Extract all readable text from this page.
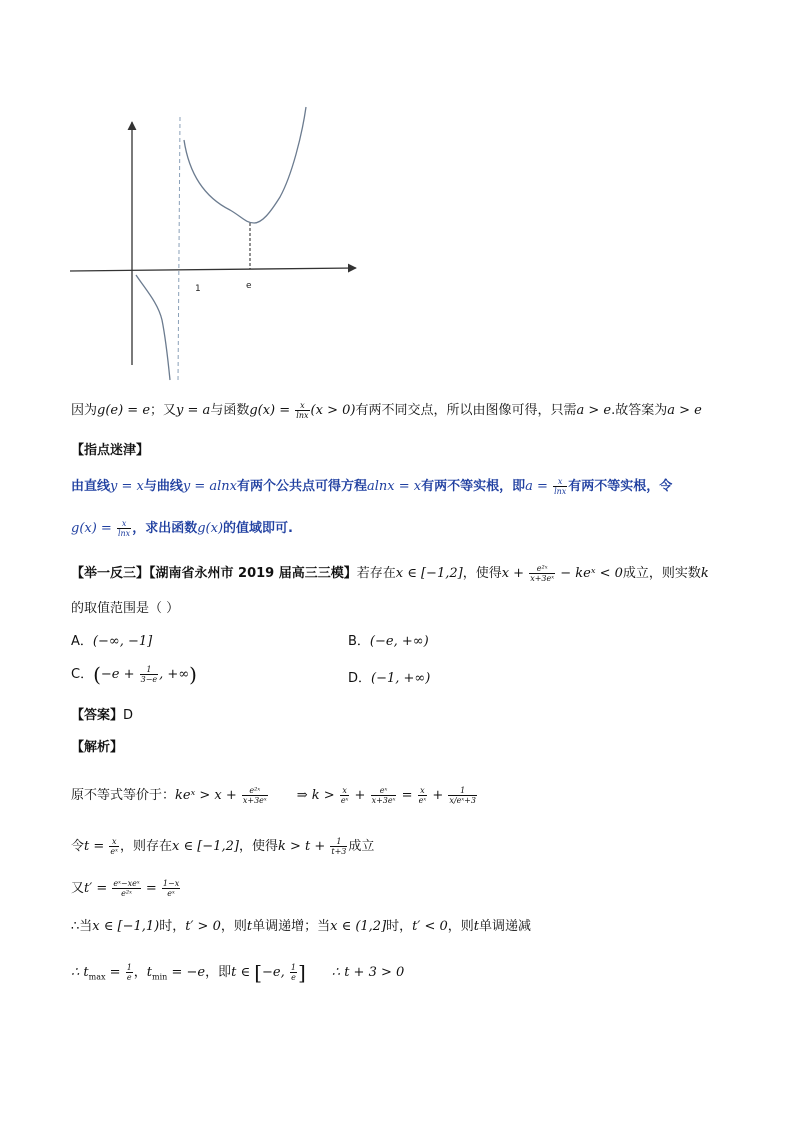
1	e
因为g(e) = e；又y = a与函数$g(x) = \frac{x}{\ln x} (x > 0)$有两不同交点，所以由图像可得，只需a > e.故答案为a > e
【指点迷津】
由直线y = x与曲线y = alnx有两个公共点可得方程alnx = x有两不等实根，即$a = \frac{x}{\ln x}$ 有两不等实根，令
$g(x) = \frac{x}{\ln x}$ ，求出函数g(x)的值域即可.
【举一反三】【湖南省永州市 2019 届高三三模】若存在x ∈ [−1,2]，使得$x + \frac{\text{e²ˣ}}{\text{x+3eˣ}}$ − keˣ < 0成立，则实数k
的取值范围是（ ）
A．(−∞, −1]	B．(−e, +∞)
C．($-e + \frac{1}{3-e}$ , +∞)	D．(−1, +∞)
【答案】D
【解析】
原不等式等价于：keˣ > $x + \frac{\text{e²ˣ}}{\text{x+3eˣ}}$ ⇒ $k > \frac{x}{\text{eˣ}} + \frac{\text{eˣ}}{\text{x+3eˣ}} = \frac{x}{\text{eˣ}} + \frac{1}{\text{x/eˣ+3}}$
令$t = \frac{x}{\text{eˣ}}$ ，则存在x ∈ [−1,2]，使得$k > t + \frac{1}{t+3}$ 成立
又$t' = \frac{\text{eˣ−xeˣ}}{\text{e²ˣ}} = \frac{1-x}{\text{eˣ}}$
∴当x ∈ [−1,1)时，t′ > 0，则t单调递增；当x ∈ (1,2]时，t′ < 0，则t单调递减
∴ $t_{max} = \frac{1}{e}$ ，$t_{min} = -e$，即t ∈ [−e, $\frac{1}{e}$ ] ∴ t + 3 > 0
